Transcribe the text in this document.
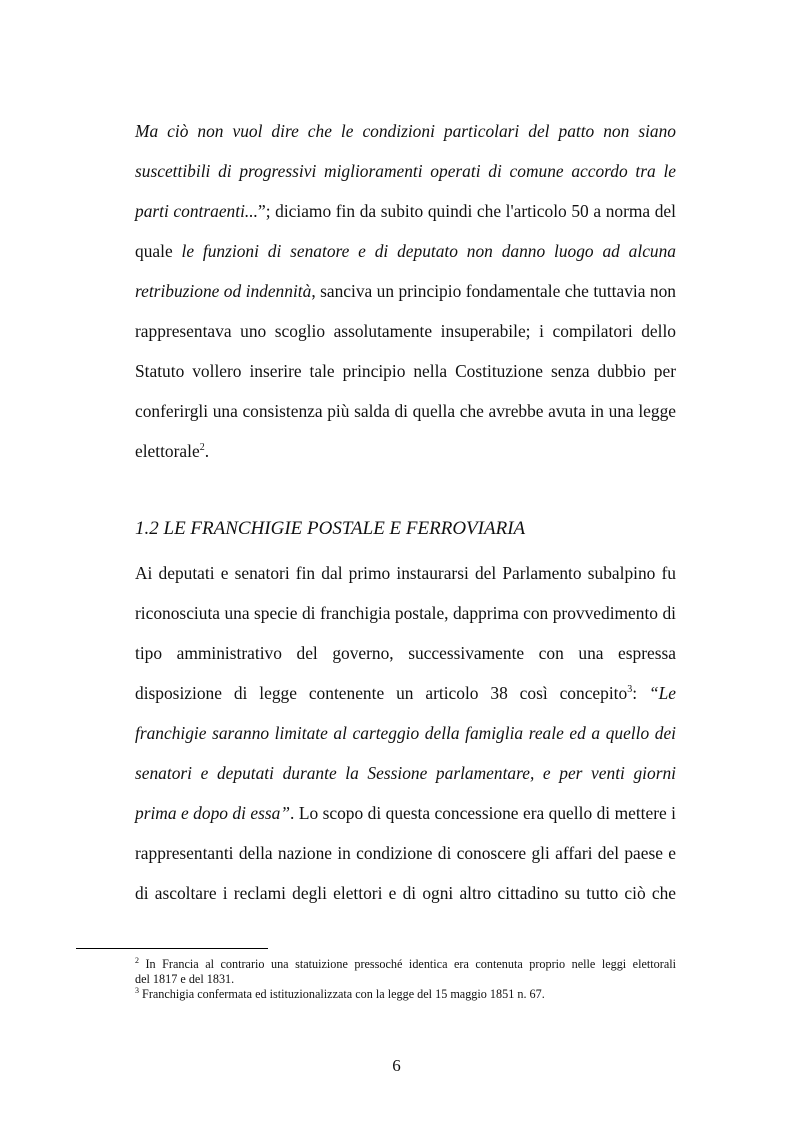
Ma ciò non vuol dire che le condizioni particolari del patto non siano
suscettibili di progressivi miglioramenti operati di comune accordo tra le
parti contraenti...”; diciamo fin da subito quindi che l'articolo 50 a norma del
quale le funzioni di senatore e di deputato non danno luogo ad alcuna
retribuzione od indennità, sanciva un principio fondamentale che tuttavia non
rappresentava uno scoglio assolutamente insuperabile; i compilatori dello
Statuto vollero inserire tale principio nella Costituzione senza dubbio per
conferirgli una consistenza più salda di quella che avrebbe avuta in una legge
elettorale$^2$.
1.2 LE FRANCHIGIE POSTALE E FERROVIARIA
Ai deputati e senatori fin dal primo instaurarsi del Parlamento subalpino fu
riconosciuta una specie di franchigia postale, dapprima con provvedimento di
tipo amministrativo del governo, successivamente con una espressa
disposizione di legge contenente un articolo 38 così concepito$^3$: “Le
franchigie saranno limitate al carteggio della famiglia reale ed a quello dei
senatori e deputati durante la Sessione parlamentare, e per venti giorni
prima e dopo di essa”. Lo scopo di questa concessione era quello di mettere i
rappresentanti della nazione in condizione di conoscere gli affari del paese e
di ascoltare i reclami degli elettori e di ogni altro cittadino su tutto ciò che
$^2$ In Francia al contrario una statuizione pressoché identica era contenuta proprio nelle leggi elettorali
del 1817 e del 1831.
$^3$ Franchigia confermata ed istituzionalizzata con la legge del 15 maggio 1851 n. 67.
6
